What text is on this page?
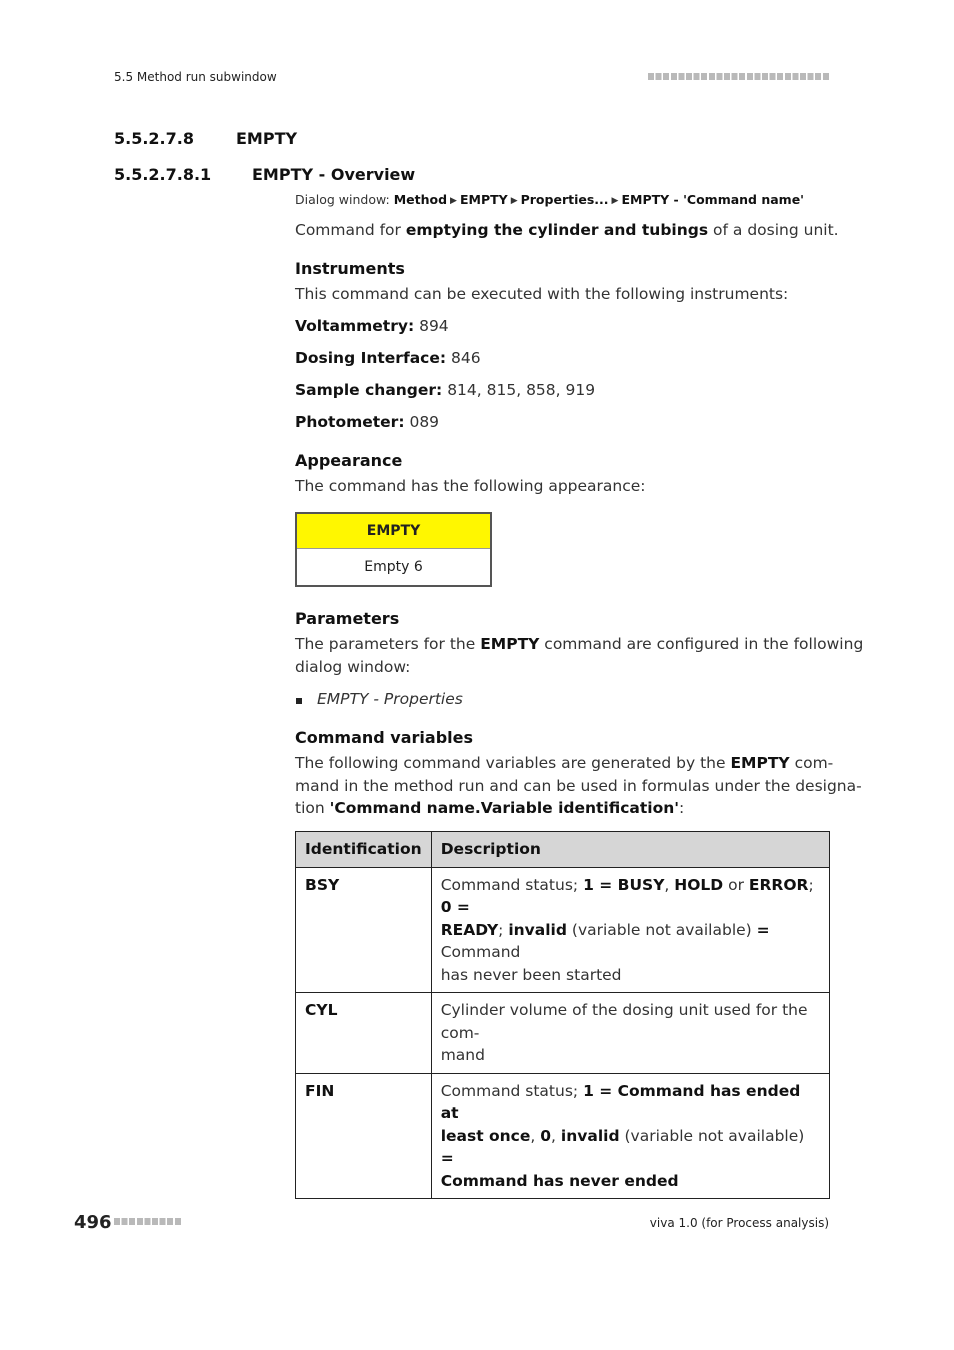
5.5 Method run subwindow
5.5.2.7.8	EMPTY
5.5.2.7.8.1	EMPTY - Overview
Dialog window: Method ▶ EMPTY ▶ Properties... ▶ EMPTY - 'Command name'
Command for emptying the cylinder and tubings of a dosing unit.
Instruments
This command can be executed with the following instruments:
Voltammetry: 894
Dosing Interface: 846
Sample changer: 814, 815, 858, 919
Photometer: 089
Appearance
The command has the following appearance:
EMPTY
Empty 6
Parameters
The parameters for the EMPTY command are configured in the following
dialog window:
EMPTY - Properties
Command variables
The following command variables are generated by the EMPTY com-
mand in the method run and can be used in formulas under the designa-
tion 'Command name.Variable identification':
Identification	Description
BSY	Command status; 1 = BUSY, HOLD or ERROR; 0 =
READY; invalid (variable not available) = Command
has never been started
CYL	Cylinder volume of the dosing unit used for the com-
mand
FIN	Command status; 1 = Command has ended at
least once, 0, invalid (variable not available) =
Command has never ended
496	viva 1.0 (for Process analysis)
